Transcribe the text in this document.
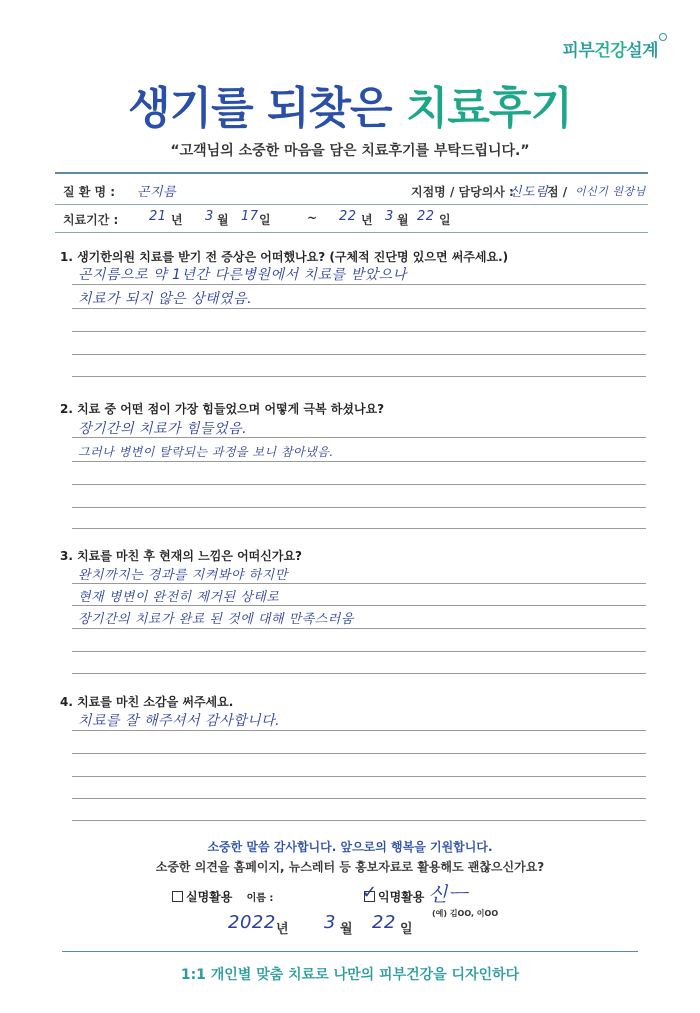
피부건강설계
생기를 되찾은 치료후기
“고객님의 소중한 마음을 담은 치료후기를 부탁드립니다.”
질 환 명 : 곤지름	지점명 / 담당의사 :
신도림
점 / 이신기 원장님
치료기간 : 21 년 3 월 17 일	~ 22 년 3 월 22 일
1. 생기한의원 치료를 받기 전 증상은 어떠했나요? (구체적 진단명 있으면 써주세요.)
곤지름으로 약 1년간 다른병원에서 치료를 받았으나
치료가 되지 않은 상태였음.
2. 치료 중 어떤 점이 가장 힘들었으며 어떻게 극복 하셨나요?
장기간의 치료가 힘들었음.
그러나 병변이 탈락되는 과정을 보니 참아냈음.
3. 치료를 마친 후 현재의 느낌은 어떠신가요?
완치까지는 경과를 지켜봐야 하지만
현재 병변이 완전히 제거된 상태로
장기간의 치료가 완료 된 것에 대해 만족스러움
4. 치료를 마친 소감을 써주세요.
치료를 잘 해주셔서 감사합니다.
소중한 말씀 감사합니다. 앞으로의 행복을 기원합니다.
소중한 의견을 홈페이지, 뉴스레터 등 홍보자료로 활용해도 괜찮으신가요?
실명활용 이름 :	✓ 익명활용 신ㅡ
(예) 김OO, 이OO
2022 년 3 월 22 일
1:1 개인별 맞춤 치료로 나만의 피부건강을 디자인하다
